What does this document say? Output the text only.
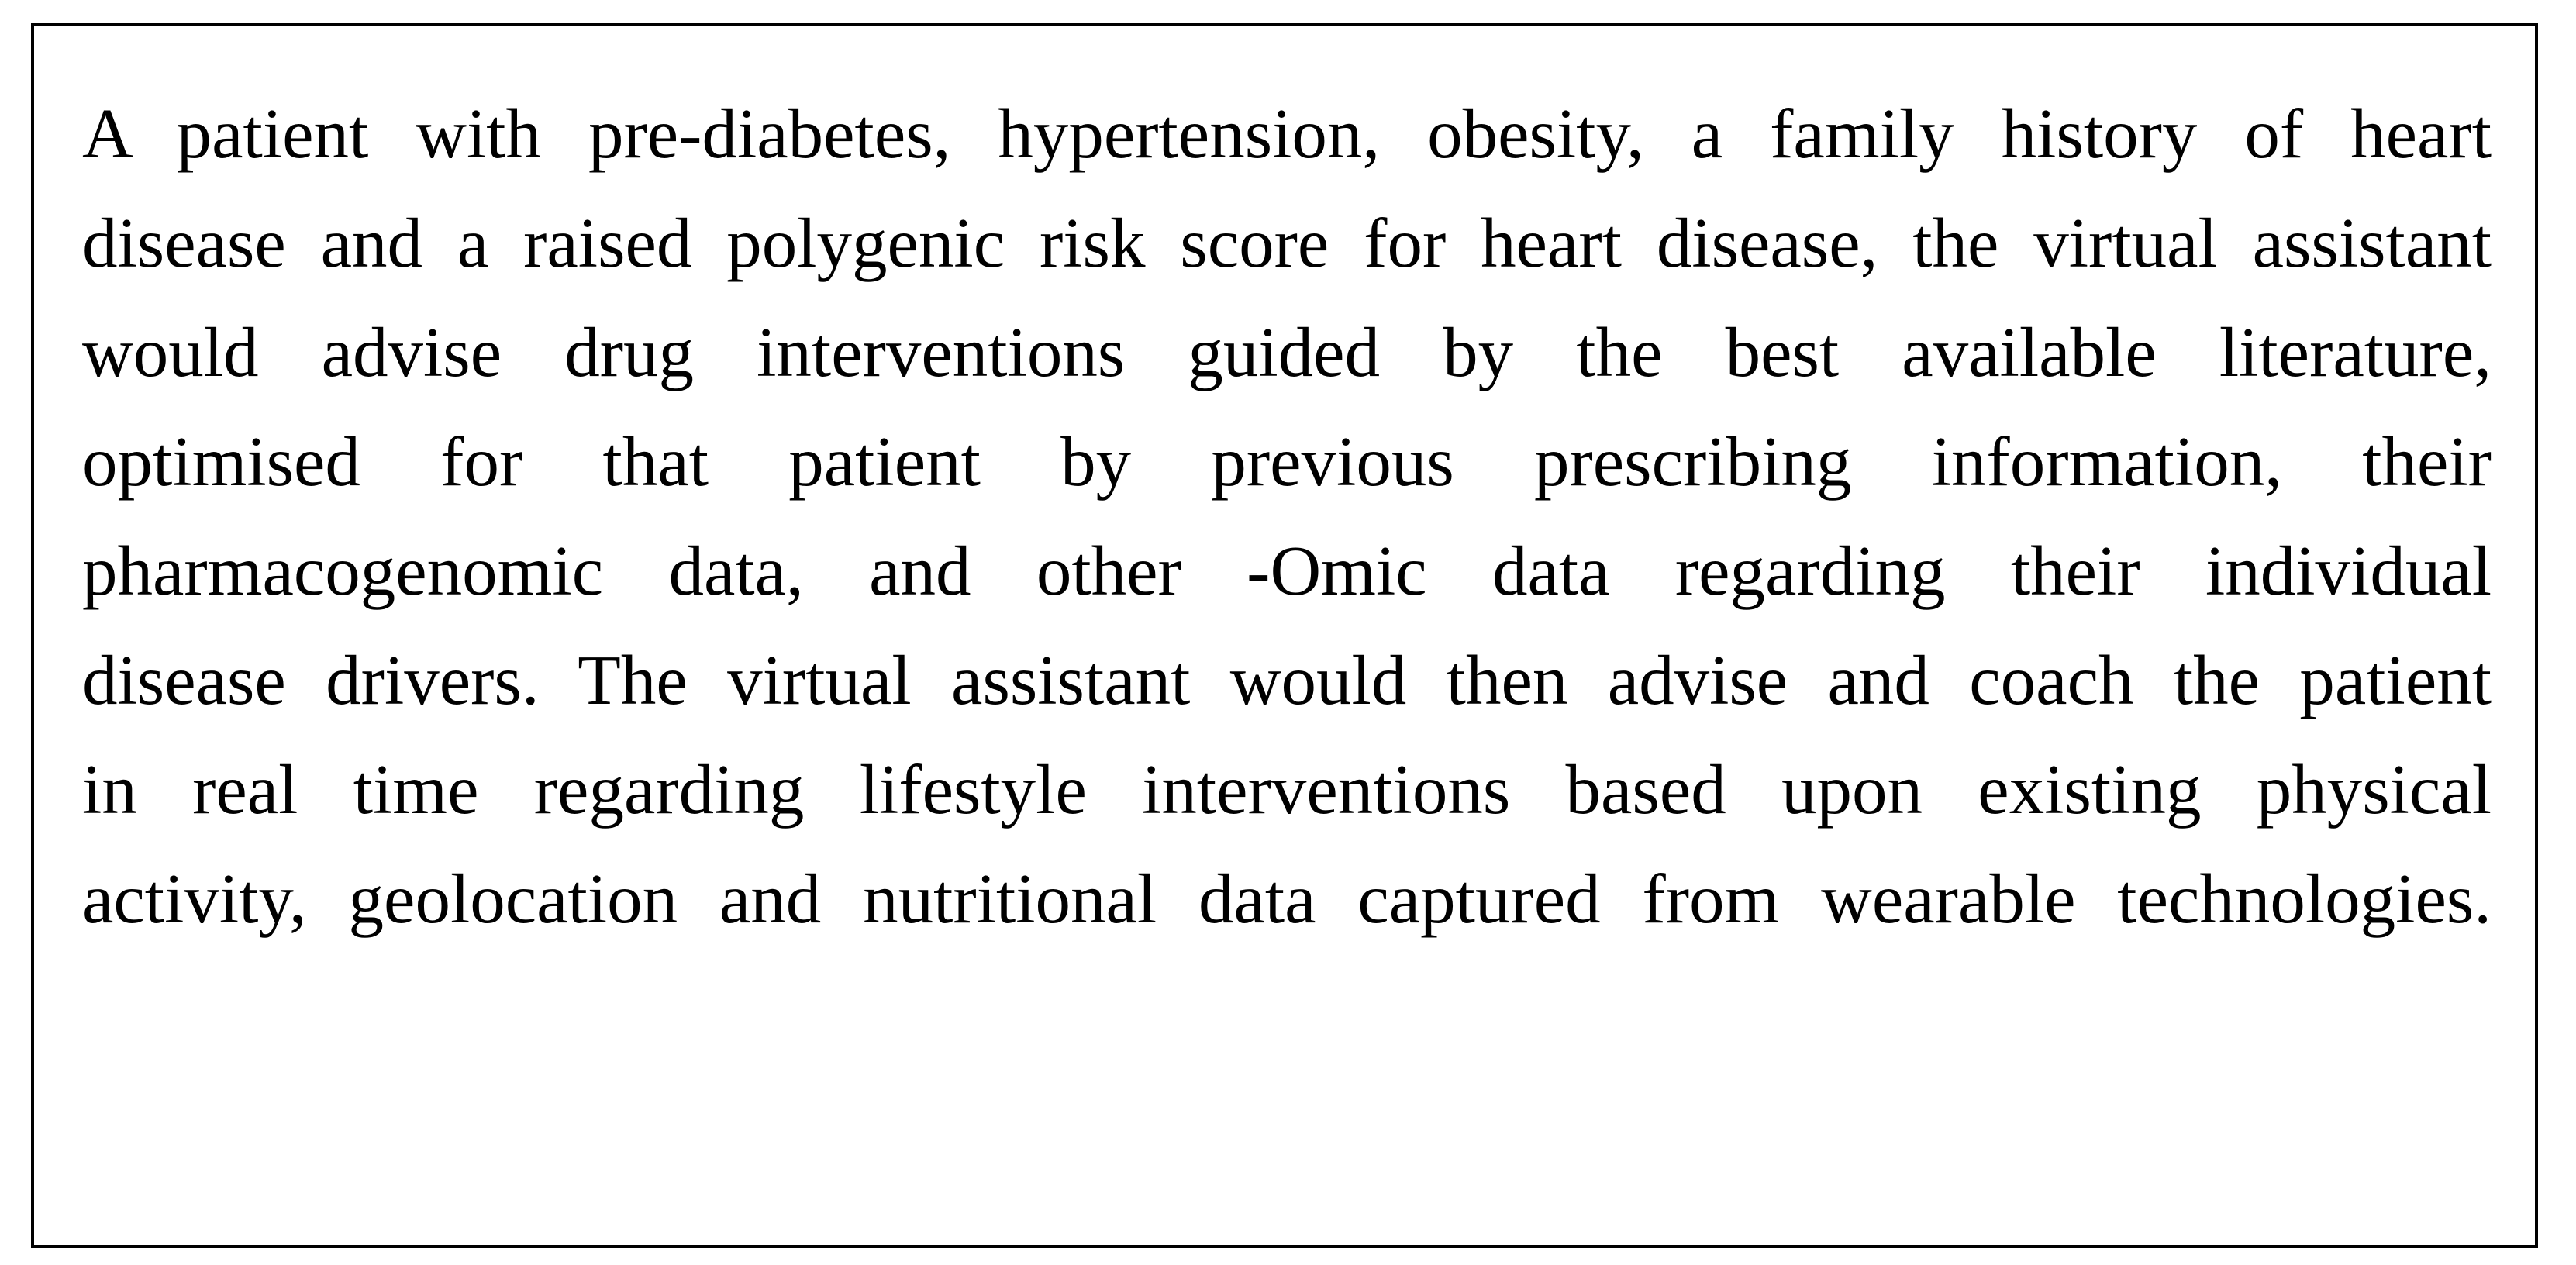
A patient with pre-diabetes, hypertension, obesity, a family history of heart
disease and a raised polygenic risk score for heart disease, the virtual assistant
would advise drug interventions guided by the best available literature,
optimised for that patient by previous prescribing information, their
pharmacogenomic data, and other -Omic data regarding their individual
disease drivers. The virtual assistant would then advise and coach the patient
in real time regarding lifestyle interventions based upon existing physical
activity, geolocation and nutritional data captured from wearable technologies.
